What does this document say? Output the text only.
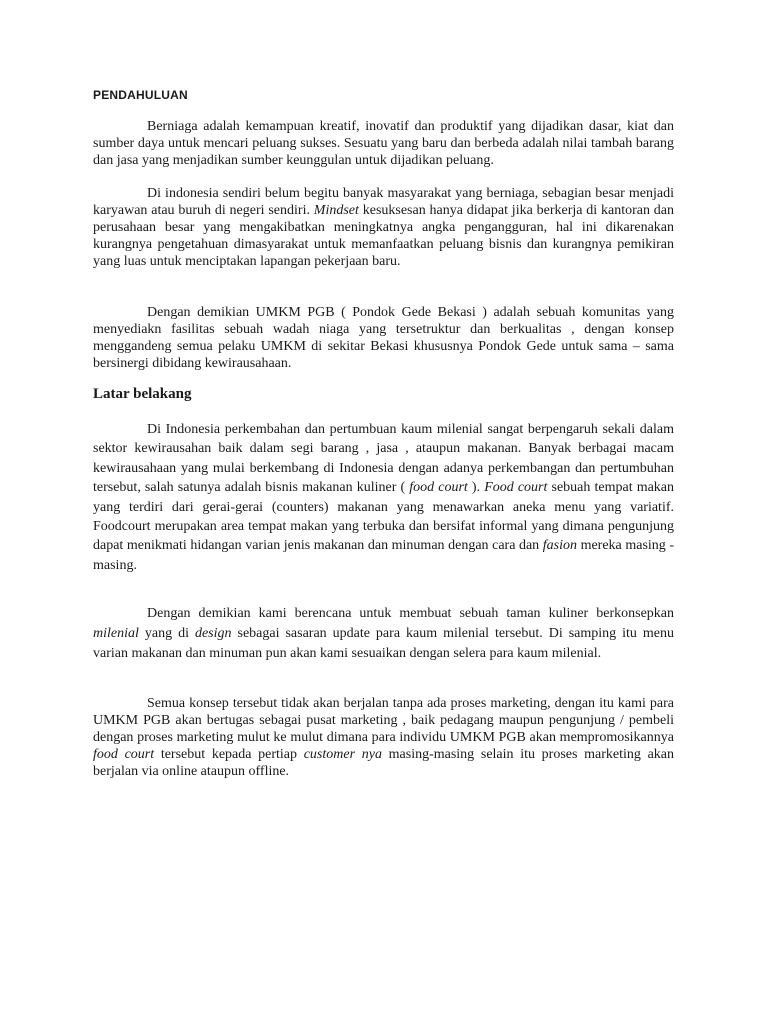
PENDAHULUAN

Berniaga adalah kemampuan kreatif, inovatif dan produktif yang dijadikan dasar, kiat dan sumber daya untuk mencari peluang sukses. Sesuatu yang baru dan berbeda adalah nilai tambah barang dan jasa yang menjadikan sumber keunggulan untuk dijadikan peluang.

Di indonesia sendiri belum begitu banyak masyarakat yang berniaga, sebagian besar menjadi karyawan atau buruh di negeri sendiri. Mindset kesuksesan hanya didapat jika berkerja di kantoran dan perusahaan besar yang mengakibatkan meningkatnya angka pengangguran, hal ini dikarenakan kurangnya pengetahuan dimasyarakat untuk memanfaatkan peluang bisnis dan kurangnya pemikiran yang luas untuk menciptakan lapangan pekerjaan baru.

Dengan demikian UMKM PGB ( Pondok Gede Bekasi ) adalah sebuah komunitas yang menyediakn fasilitas sebuah wadah niaga yang tersetruktur dan berkualitas , dengan konsep menggandeng semua pelaku UMKM di sekitar Bekasi khususnya Pondok Gede untuk sama – sama bersinergi dibidang kewirausahaan.

Latar belakang

Di Indonesia perkembahan dan pertumbuan kaum milenial sangat berpengaruh sekali dalam sektor kewirausahan baik dalam segi barang , jasa , ataupun makanan. Banyak berbagai macam kewirausahaan yang mulai berkembang di Indonesia dengan adanya perkembangan dan pertumbuhan tersebut, salah satunya adalah bisnis makanan kuliner ( food court ). Food court sebuah tempat makan yang terdiri dari gerai-gerai (counters) makanan yang menawarkan aneka menu yang variatif. Foodcourt merupakan area tempat makan yang terbuka dan bersifat informal yang dimana pengunjung dapat menikmati hidangan varian jenis makanan dan minuman dengan cara dan fasion mereka masing - masing.

Dengan demikian kami berencana untuk membuat sebuah taman kuliner berkonsepkan milenial yang di design sebagai sasaran update para kaum milenial tersebut. Di samping itu menu varian makanan dan minuman pun akan kami sesuaikan dengan selera para kaum milenial.

Semua konsep tersebut tidak akan berjalan tanpa ada proses marketing, dengan itu kami para UMKM PGB akan bertugas sebagai pusat marketing , baik pedagang maupun pengunjung / pembeli dengan proses marketing mulut ke mulut dimana para individu UMKM PGB akan mempromosikannya food court tersebut kepada pertiap customer nya masing-masing selain itu proses marketing akan berjalan via online ataupun offline.
